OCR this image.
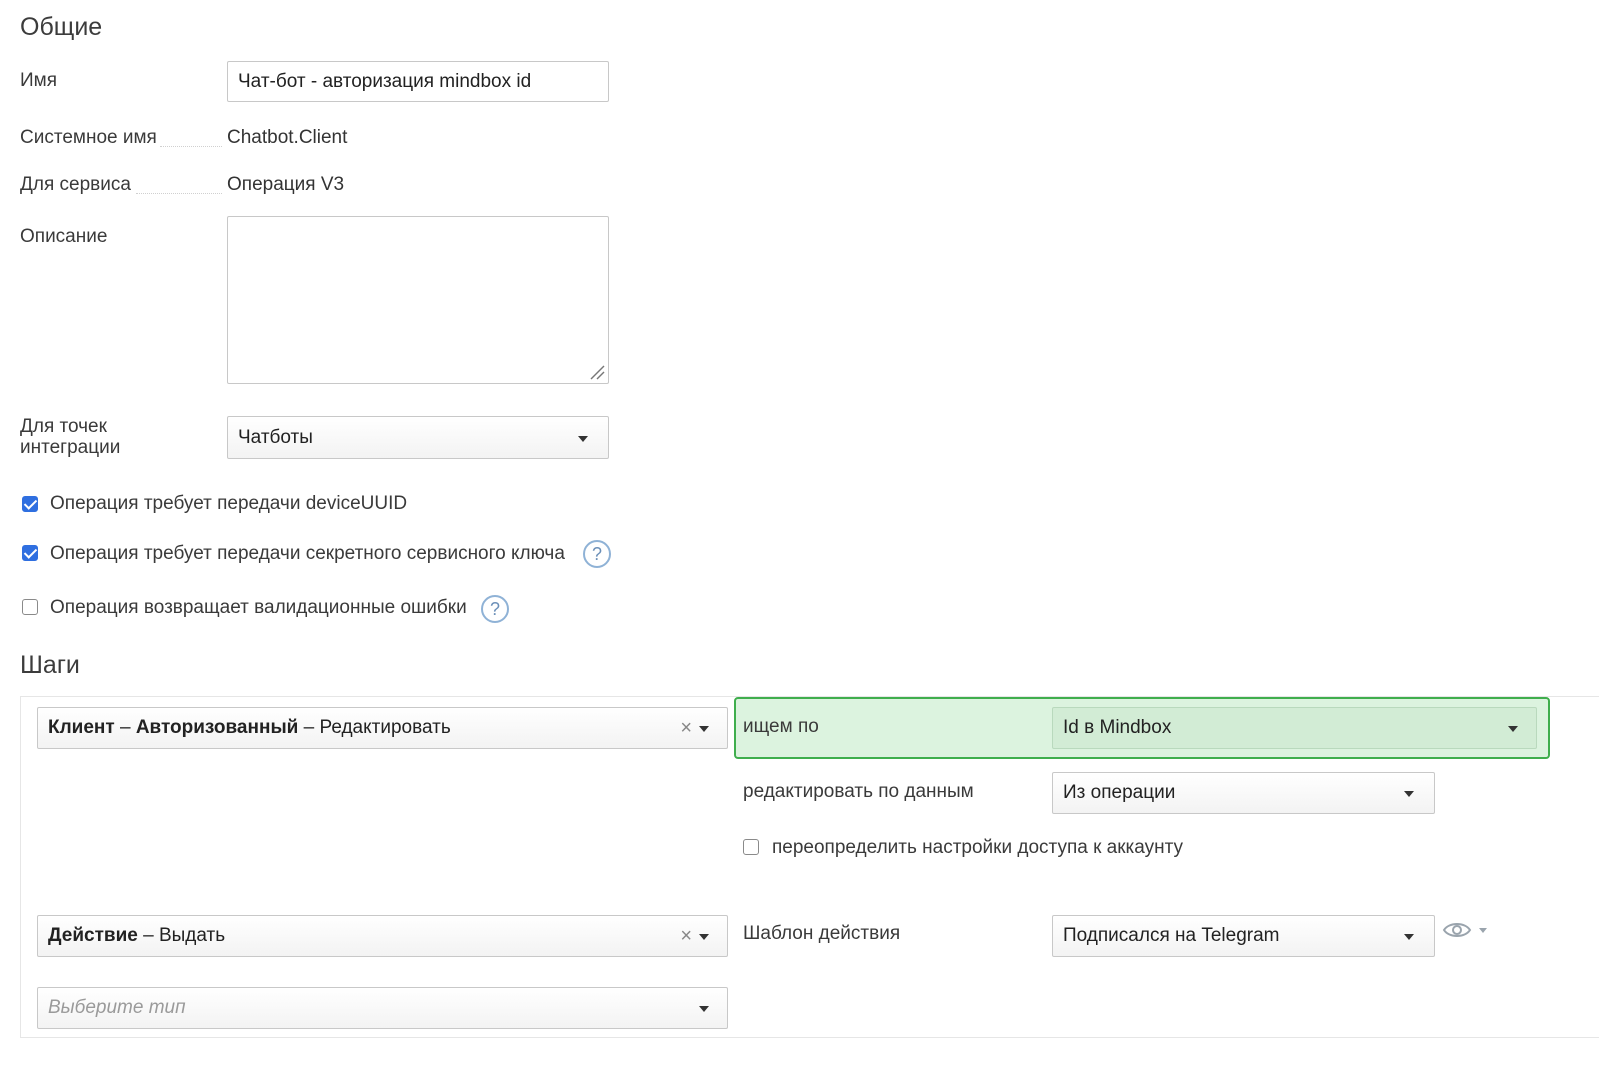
Общие
Имя	Чат-бот - авторизация mindbox id
Системное имя	Chatbot.Client
Для сервиса	Операция V3
Описание
Для точек
интеграции	Чатботы
Операция требует передачи deviceUUID
Операция требует передачи секретного сервисного ключа ?
Операция возвращает валидационные ошибки ?
Шаги
Клиент – Авторизованный – Редактировать	×	ищем по	Id в Mindbox
редактировать по данным	Из операции
переопределить настройки доступа к аккаунту
Действие – Выдать	×	Шаблон действия	Подписался на Telegram
Выберите тип
